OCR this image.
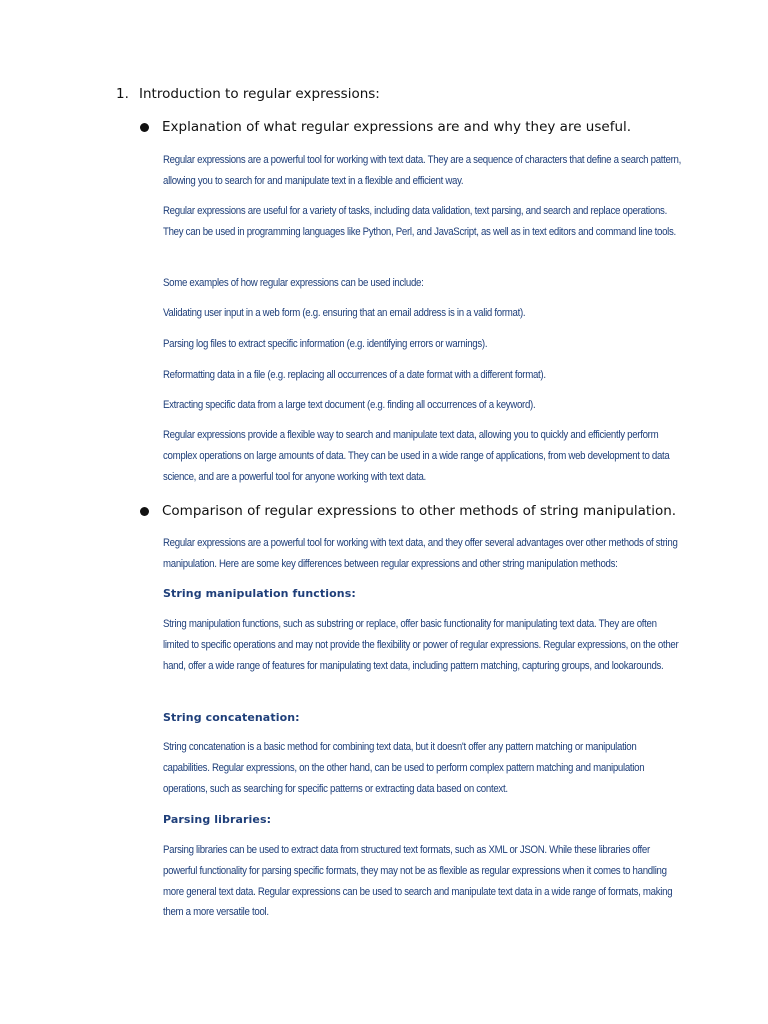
1. Introduction to regular expressions:
Explanation of what regular expressions are and why they are useful.
Regular expressions are a powerful tool for working with text data. They are a sequence of characters that define a search pattern, allowing you to search for and manipulate text in a flexible and efficient way.
Regular expressions are useful for a variety of tasks, including data validation, text parsing, and search and replace operations. They can be used in programming languages like Python, Perl, and JavaScript, as well as in text editors and command line tools.
Some examples of how regular expressions can be used include:
Validating user input in a web form (e.g. ensuring that an email address is in a valid format).
Parsing log files to extract specific information (e.g. identifying errors or warnings).
Reformatting data in a file (e.g. replacing all occurrences of a date format with a different format).
Extracting specific data from a large text document (e.g. finding all occurrences of a keyword).
Regular expressions provide a flexible way to search and manipulate text data, allowing you to quickly and efficiently perform complex operations on large amounts of data. They can be used in a wide range of applications, from web development to data science, and are a powerful tool for anyone working with text data.
Comparison of regular expressions to other methods of string manipulation.
Regular expressions are a powerful tool for working with text data, and they offer several advantages over other methods of string manipulation. Here are some key differences between regular expressions and other string manipulation methods:
String manipulation functions:
String manipulation functions, such as substring or replace, offer basic functionality for manipulating text data. They are often limited to specific operations and may not provide the flexibility or power of regular expressions. Regular expressions, on the other hand, offer a wide range of features for manipulating text data, including pattern matching, capturing groups, and lookarounds.
String concatenation:
String concatenation is a basic method for combining text data, but it doesn't offer any pattern matching or manipulation capabilities. Regular expressions, on the other hand, can be used to perform complex pattern matching and manipulation operations, such as searching for specific patterns or extracting data based on context.
Parsing libraries:
Parsing libraries can be used to extract data from structured text formats, such as XML or JSON. While these libraries offer powerful functionality for parsing specific formats, they may not be as flexible as regular expressions when it comes to handling more general text data. Regular expressions can be used to search and manipulate text data in a wide range of formats, making them a more versatile tool.
